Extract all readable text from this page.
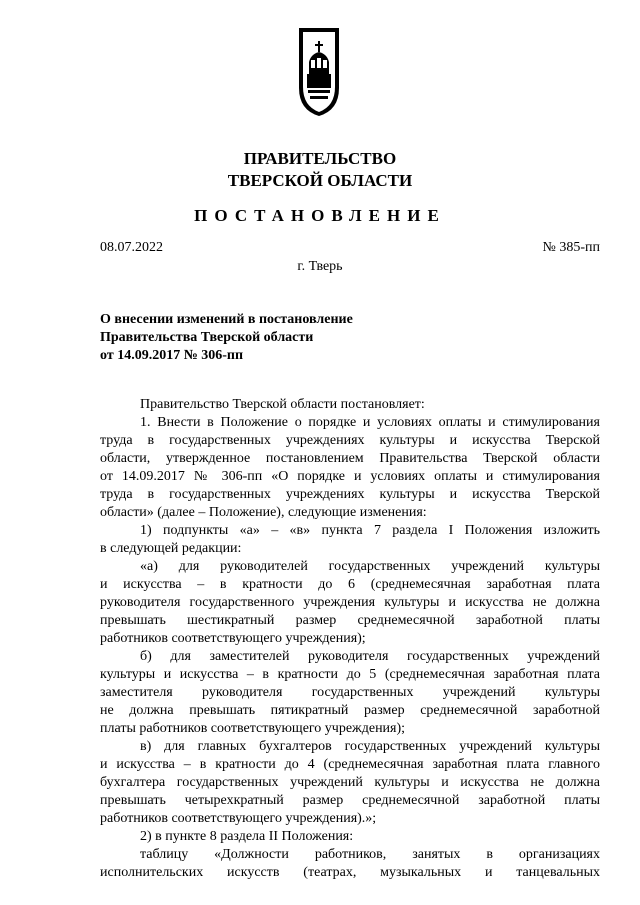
ПРАВИТЕЛЬСТВО
ТВЕРСКОЙ ОБЛАСТИ
ПОСТАНОВЛЕНИЕ
08.07.2022	№ 385-пп
г. Тверь
О внесении изменений в постановление
Правительства Тверской области
от 14.09.2017 № 306-пп

Правительство Тверской области постановляет:

1. Внести в Положение о порядке и условиях оплаты и стимулирования

труда в государственных учреждениях культуры и искусства Тверской

области, утвержденное постановлением Правительства Тверской области

от 14.09.2017 № 306-пп «О порядке и условиях оплаты и стимулирования

труда в государственных учреждениях культуры и искусства Тверской

области» (далее – Положение), следующие изменения:

1) подпункты «а» – «в» пункта 7 раздела I Положения изложить

в следующей редакции:

«а) для руководителей государственных учреждений культуры

и искусства – в кратности до 6 (среднемесячная заработная плата

руководителя государственного учреждения культуры и искусства не должна

превышать шестикратный размер среднемесячной заработной платы

работников соответствующего учреждения);

б) для заместителей руководителя государственных учреждений

культуры и искусства – в кратности до 5 (среднемесячная заработная плата

заместителя руководителя государственных учреждений культуры

не должна превышать пятикратный размер среднемесячной заработной

платы работников соответствующего учреждения);

в) для главных бухгалтеров государственных учреждений культуры

и искусства – в кратности до 4 (среднемесячная заработная плата главного

бухгалтера государственных учреждений культуры и искусства не должна

превышать четырехкратный размер среднемесячной заработной платы

работников соответствующего учреждения).»;

2) в пункте 8 раздела II Положения:

таблицу «Должности работников, занятых в организациях

исполнительских искусств (театрах, музыкальных и танцевальных
